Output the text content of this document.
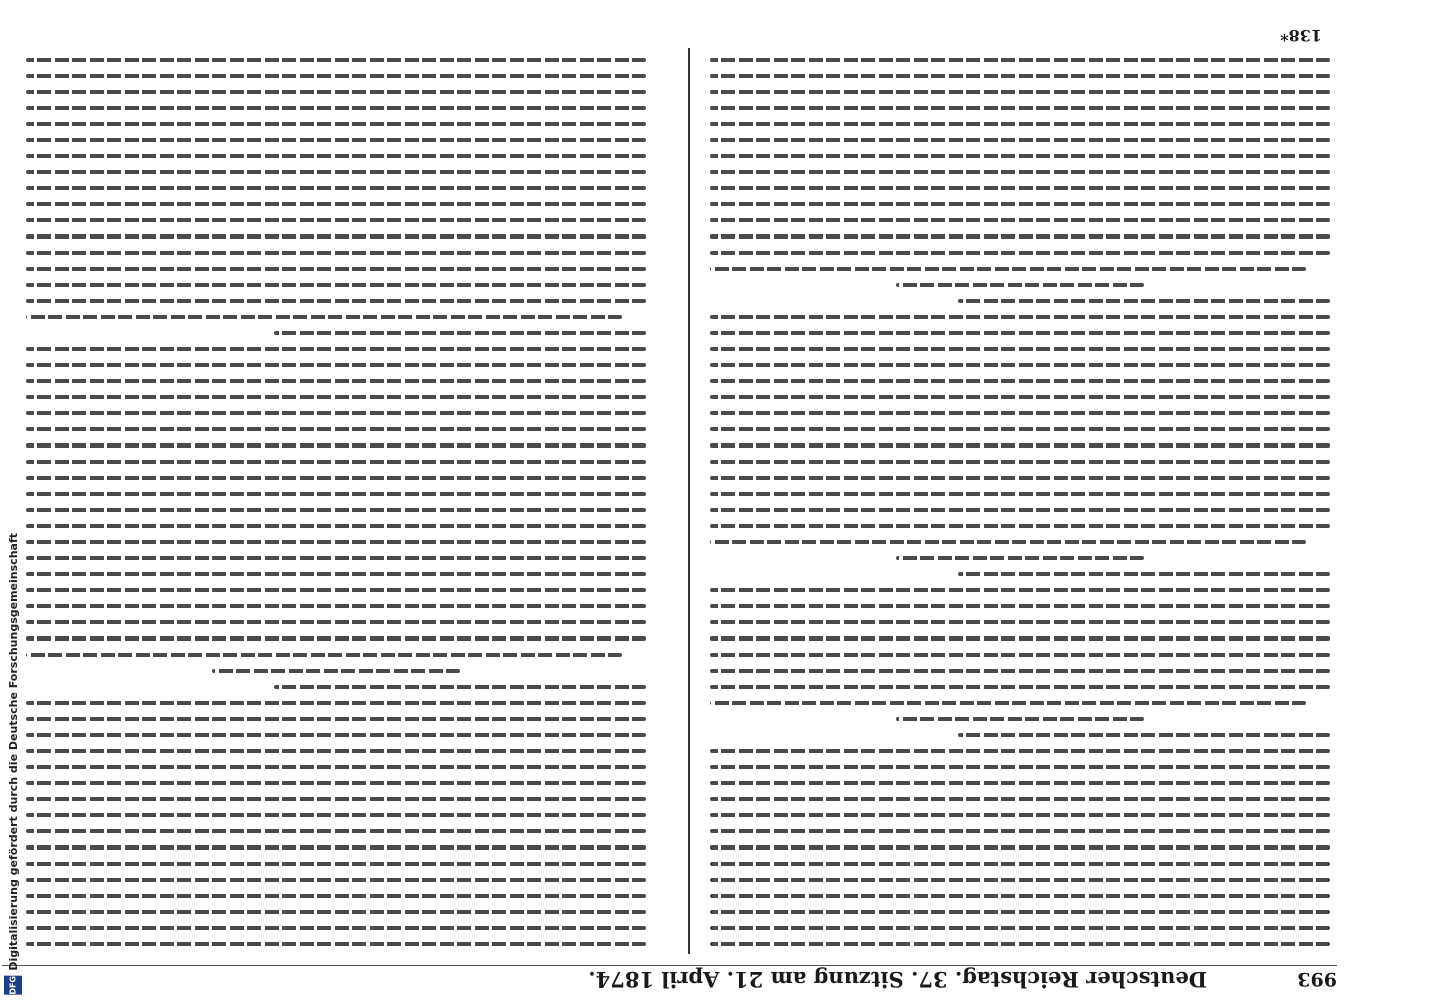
993
Deutscher Reichstag. 37. Sitzung am 21. April 1874.
138*
Digitalisierung gefördert durch die Deutsche Forschungsgemeinschaft
DFG
